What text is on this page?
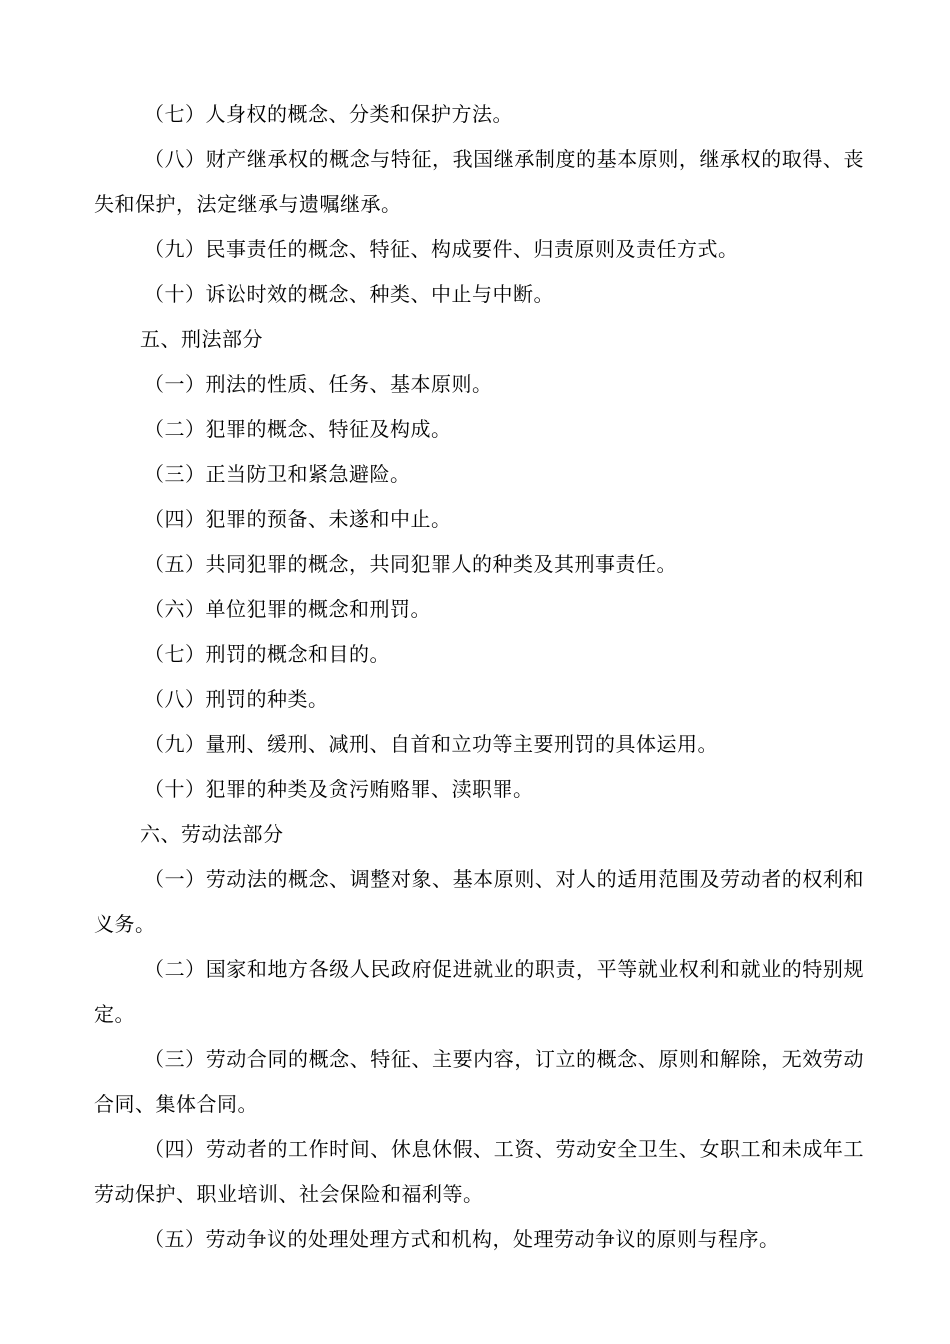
（七）人身权的概念、分类和保护方法。

（八）财产继承权的概念与特征，我国继承制度的基本原则，继承权的取得、丧失和保护，法定继承与遗嘱继承。

（九）民事责任的概念、特征、构成要件、归责原则及责任方式。

（十）诉讼时效的概念、种类、中止与中断。

五、刑法部分

（一）刑法的性质、任务、基本原则。

（二）犯罪的概念、特征及构成。

（三）正当防卫和紧急避险。

（四）犯罪的预备、未遂和中止。

（五）共同犯罪的概念，共同犯罪人的种类及其刑事责任。

（六）单位犯罪的概念和刑罚。

（七）刑罚的概念和目的。

（八）刑罚的种类。

（九）量刑、缓刑、减刑、自首和立功等主要刑罚的具体运用。

（十）犯罪的种类及贪污贿赂罪、渎职罪。

六、劳动法部分

（一）劳动法的概念、调整对象、基本原则、对人的适用范围及劳动者的权利和义务。

（二）国家和地方各级人民政府促进就业的职责，平等就业权利和就业的特别规定。

（三）劳动合同的概念、特征、主要内容，订立的概念、原则和解除，无效劳动合同、集体合同。

（四）劳动者的工作时间、休息休假、工资、劳动安全卫生、女职工和未成年工劳动保护、职业培训、社会保险和福利等。

（五）劳动争议的处理处理方式和机构，处理劳动争议的原则与程序。
